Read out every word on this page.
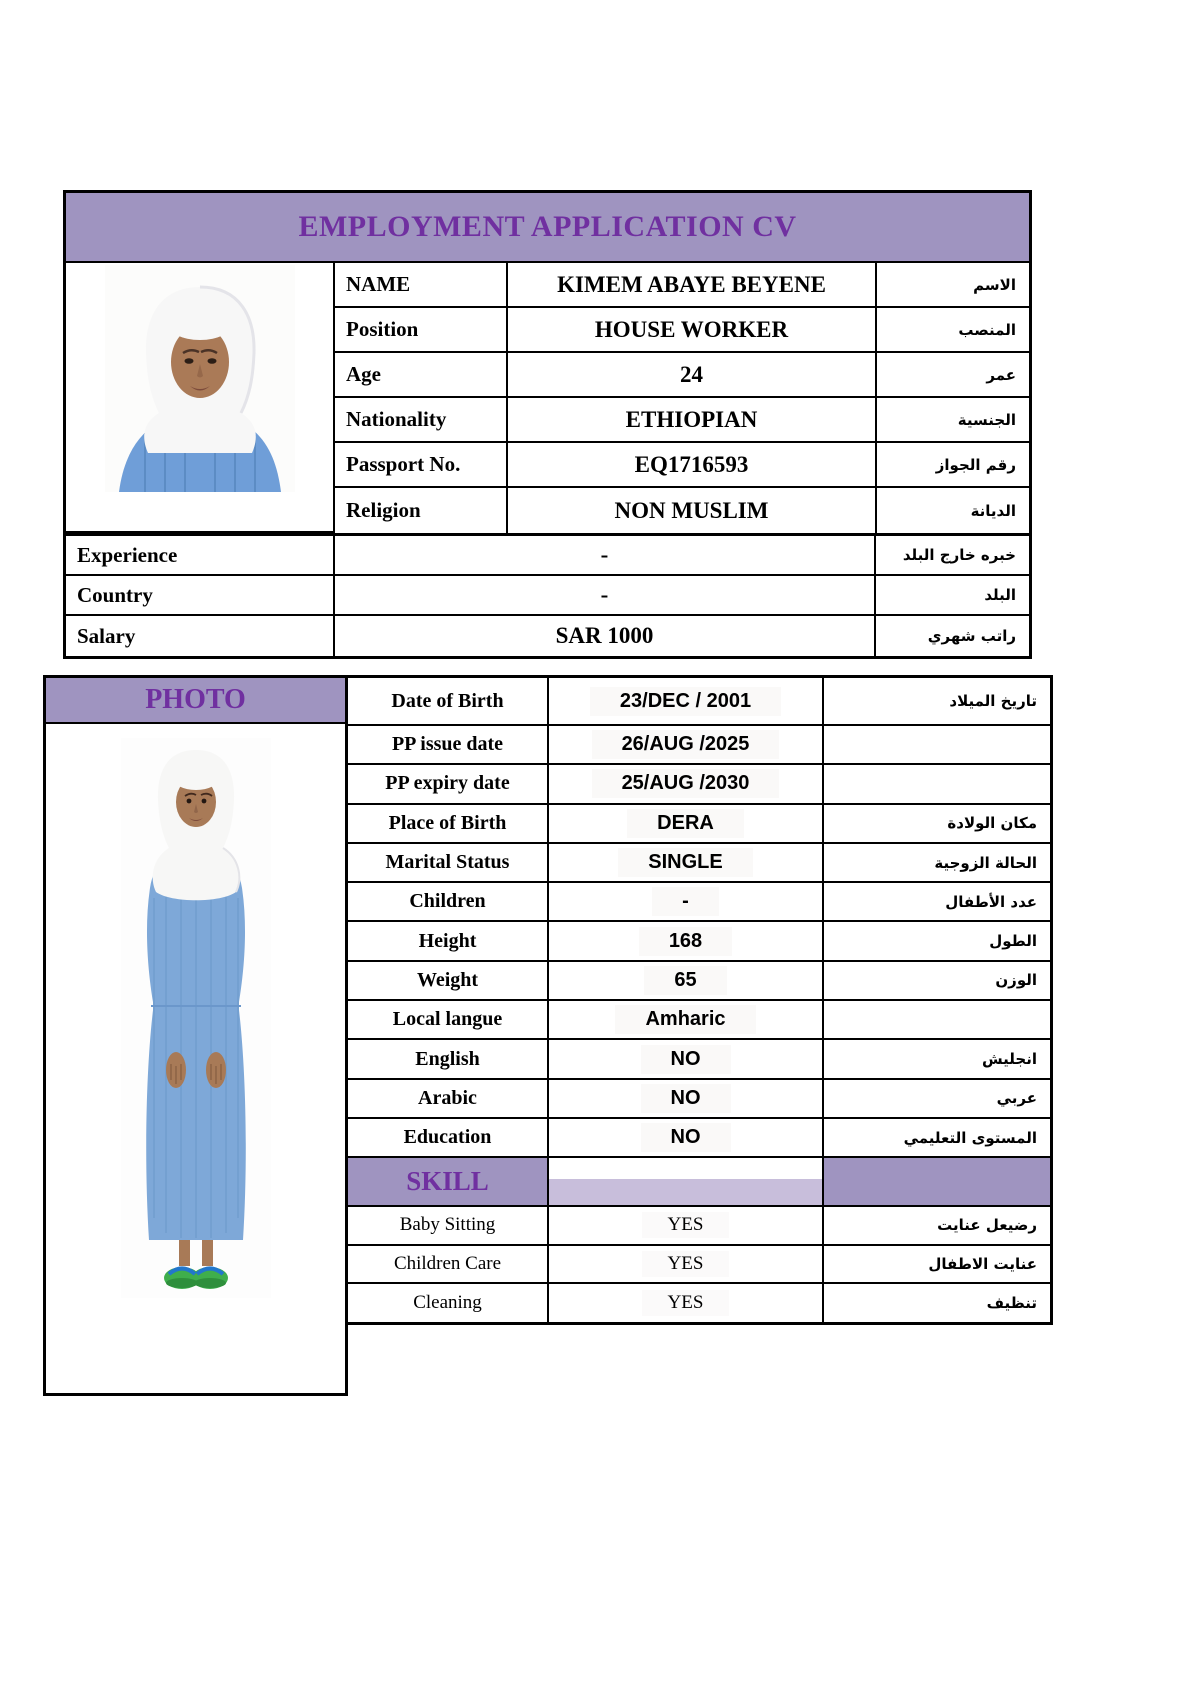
EMPLOYMENT APPLICATION CV
NAME	KIMEM ABAYE BEYENE	الاسم
Position	HOUSE WORKER	المنصب
Age	24	عمر
Nationality	ETHIOPIAN	الجنسية
Passport No.	EQ1716593	رقم الجواز
Religion	NON MUSLIM	الديانة
Experience	-	خبره خارج البلد
Country	-	البلد
Salary	SAR 1000	راتب شهري
PHOTO	Date of Birth	23/DEC / 2001	تاريخ الميلاد
PP issue date	26/AUG /2025
PP expiry date	25/AUG /2030
Place of Birth	DERA	مكان الولادة
Marital Status	SINGLE	الحالة الزوجية
Children	-	عدد الأطفال
Height	168	الطول
Weight	65	الوزن
Local langue	Amharic
English	NO	انجليش
Arabic	NO	عربي
Education	NO	المستوى التعليمي
SKILL
Baby Sitting	YES	رضيعل عنايت
Children Care	YES	عنايت الاطفال
Cleaning	YES	تنظيف
